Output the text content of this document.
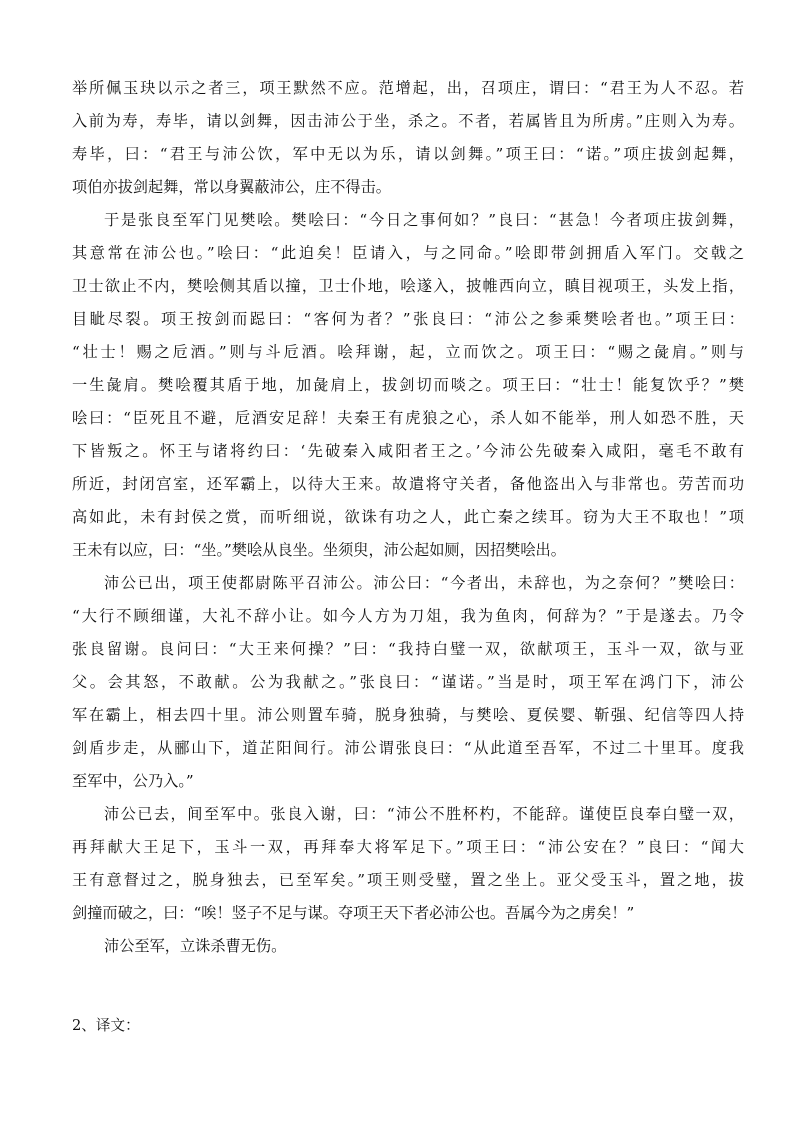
举所佩玉玦以示之者三，项王默然不应。范增起，出，召项庄，谓曰：“君王为人不忍。若
入前为寿，寿毕，请以剑舞，因击沛公于坐，杀之。不者，若属皆且为所虏。”庄则入为寿。
寿毕，曰：“君王与沛公饮，军中无以为乐，请以剑舞。”项王曰：“诺。”项庄拔剑起舞，
项伯亦拔剑起舞，常以身翼蔽沛公，庄不得击。
于是张良至军门见樊哙。樊哙曰：“今日之事何如？”良曰：“甚急！今者项庄拔剑舞，
其意常在沛公也。”哙曰：“此迫矣！臣请入，与之同命。”哙即带剑拥盾入军门。交戟之
卫士欲止不内，樊哙侧其盾以撞，卫士仆地，哙遂入，披帷西向立，瞋目视项王，头发上指，
目眦尽裂。项王按剑而跽曰：“客何为者？”张良曰：“沛公之参乘樊哙者也。”项王曰：
“壮士！赐之卮酒。”则与斗卮酒。哙拜谢，起，立而饮之。项王曰：“赐之彘肩。”则与
一生彘肩。樊哙覆其盾于地，加彘肩上，拔剑切而啖之。项王曰：“壮士！能复饮乎？”樊
哙曰：“臣死且不避，卮酒安足辞！夫秦王有虎狼之心，杀人如不能举，刑人如恐不胜，天
下皆叛之。怀王与诸将约曰：‘先破秦入咸阳者王之。’今沛公先破秦入咸阳，毫毛不敢有
所近，封闭宫室，还军霸上，以待大王来。故遣将守关者，备他盗出入与非常也。劳苦而功
高如此，未有封侯之赏，而听细说，欲诛有功之人，此亡秦之续耳。窃为大王不取也！”项
王未有以应，曰：“坐。”樊哙从良坐。坐须臾，沛公起如厕，因招樊哙出。
沛公已出，项王使都尉陈平召沛公。沛公曰：“今者出，未辞也，为之奈何？”樊哙曰：
“大行不顾细谨，大礼不辞小让。如今人方为刀俎，我为鱼肉，何辞为？”于是遂去。乃令
张良留谢。良问曰：“大王来何操？”曰：“我持白璧一双，欲献项王，玉斗一双，欲与亚
父。会其怒，不敢献。公为我献之。”张良曰：“谨诺。”当是时，项王军在鸿门下，沛公
军在霸上，相去四十里。沛公则置车骑，脱身独骑，与樊哙、夏侯婴、靳强、纪信等四人持
剑盾步走，从郦山下，道芷阳间行。沛公谓张良曰：“从此道至吾军，不过二十里耳。度我
至军中，公乃入。”
沛公已去，间至军中。张良入谢，曰：“沛公不胜杯杓，不能辞。谨使臣良奉白璧一双，
再拜献大王足下，玉斗一双，再拜奉大将军足下。”项王曰：“沛公安在？”良曰：“闻大
王有意督过之，脱身独去，已至军矣。”项王则受璧，置之坐上。亚父受玉斗，置之地，拔
剑撞而破之，曰：“唉！竖子不足与谋。夺项王天下者必沛公也。吾属今为之虏矣！”
沛公至军，立诛杀曹无伤。
2、译文：
